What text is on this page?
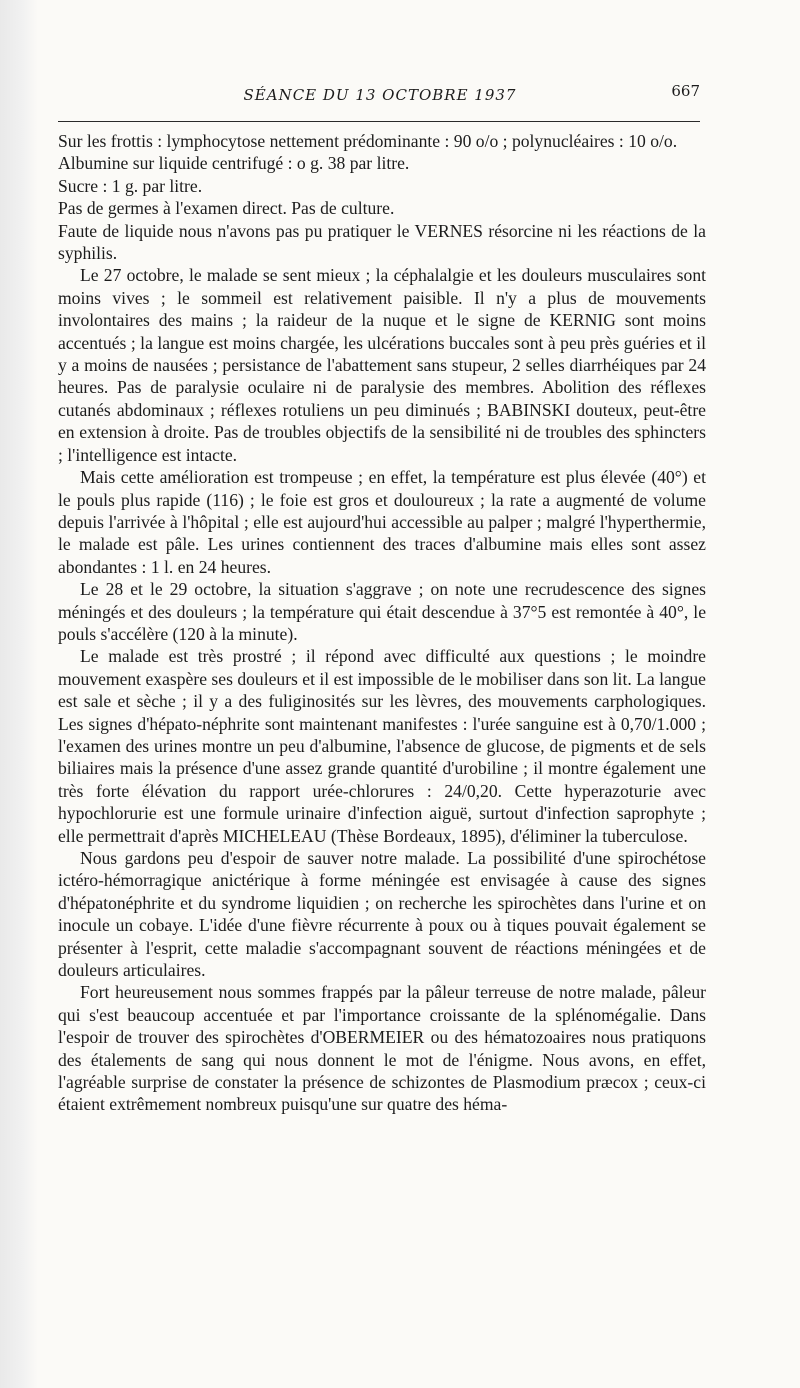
SÉANCE DU 13 OCTOBRE 1937	667

Sur les frottis : lymphocytose nettement prédominante : 90 o/o ; polynucléaires : 10 o/o.

Albumine sur liquide centrifugé : o g. 38 par litre.

Sucre : 1 g. par litre.

Pas de germes à l'examen direct. Pas de culture.

Faute de liquide nous n'avons pas pu pratiquer le VERNES résorcine ni les réactions de la syphilis.

Le 27 octobre, le malade se sent mieux ; la céphalalgie et les douleurs musculaires sont moins vives ; le sommeil est relativement paisible. Il n'y a plus de mouvements involontaires des mains ; la raideur de la nuque et le signe de KERNIG sont moins accentués ; la langue est moins chargée, les ulcérations buccales sont à peu près guéries et il y a moins de nausées ; persistance de l'abattement sans stupeur, 2 selles diarrhéiques par 24 heures. Pas de paralysie oculaire ni de paralysie des membres. Abolition des réflexes cutanés abdominaux ; réflexes rotuliens un peu diminués ; BABINSKI douteux, peut-être en extension à droite. Pas de troubles objectifs de la sensibilité ni de troubles des sphincters ; l'intelligence est intacte.

Mais cette amélioration est trompeuse ; en effet, la température est plus élevée (40°) et le pouls plus rapide (116) ; le foie est gros et douloureux ; la rate a augmenté de volume depuis l'arrivée à l'hôpital ; elle est aujourd'hui accessible au palper ; malgré l'hyperthermie, le malade est pâle. Les urines contiennent des traces d'albumine mais elles sont assez abondantes : 1 l. en 24 heures.

Le 28 et le 29 octobre, la situation s'aggrave ; on note une recrudescence des signes méningés et des douleurs ; la température qui était descendue à 37°5 est remontée à 40°, le pouls s'accélère (120 à la minute).

Le malade est très prostré ; il répond avec difficulté aux questions ; le moindre mouvement exaspère ses douleurs et il est impossible de le mobiliser dans son lit. La langue est sale et sèche ; il y a des fuliginosités sur les lèvres, des mouvements carphologiques. Les signes d'hépato-néphrite sont maintenant manifestes : l'urée sanguine est à 0,70/1.000 ; l'examen des urines montre un peu d'albumine, l'absence de glucose, de pigments et de sels biliaires mais la présence d'une assez grande quantité d'urobiline ; il montre également une très forte élévation du rapport urée-chlorures : 24/0,20. Cette hyperazoturie avec hypochlorurie est une formule urinaire d'infection aiguë, surtout d'infection saprophyte ; elle permettrait d'après MICHELEAU (Thèse Bordeaux, 1895), d'éliminer la tuberculose.

Nous gardons peu d'espoir de sauver notre malade. La possibilité d'une spirochétose ictéro-hémorragique anictérique à forme méningée est envisagée à cause des signes d'hépatonéphrite et du syndrome liquidien ; on recherche les spirochètes dans l'urine et on inocule un cobaye. L'idée d'une fièvre récurrente à poux ou à tiques pouvait également se présenter à l'esprit, cette maladie s'accompagnant souvent de réactions méningées et de douleurs articulaires.

Fort heureusement nous sommes frappés par la pâleur terreuse de notre malade, pâleur qui s'est beaucoup accentuée et par l'importance croissante de la splénomégalie. Dans l'espoir de trouver des spirochètes d'OBERMEIER ou des hématozoaires nous pratiquons des étalements de sang qui nous donnent le mot de l'énigme. Nous avons, en effet, l'agréable surprise de constater la présence de schizontes de Plasmodium præcox ; ceux-ci étaient extrêmement nombreux puisqu'une sur quatre des héma-
